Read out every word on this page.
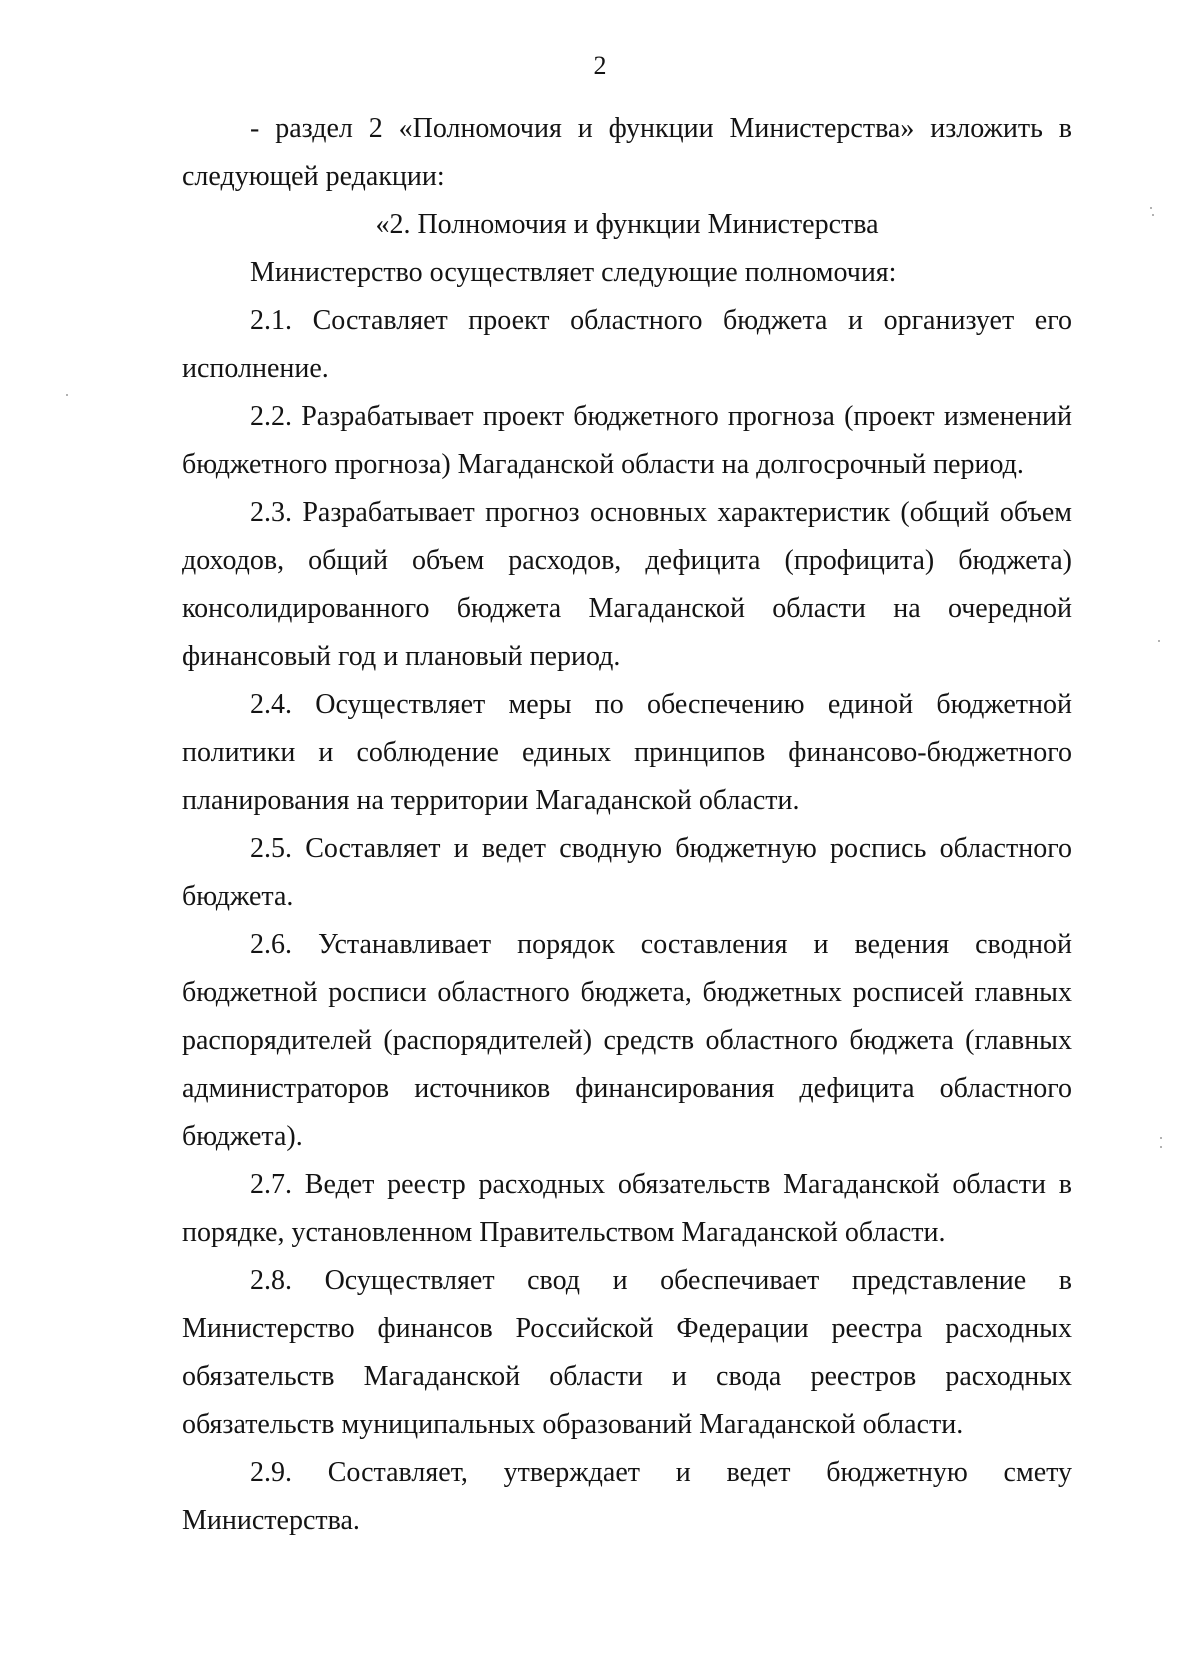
2

- раздел 2 «Полномочия и функции Министерства» изложить в следующей редакции:

«2. Полномочия и функции Министерства

Министерство осуществляет следующие полномочия:

2.1. Составляет проект областного бюджета и организует его исполнение.

2.2. Разрабатывает проект бюджетного прогноза (проект изменений бюджетного прогноза) Магаданской области на долгосрочный период.

2.3. Разрабатывает прогноз основных характеристик (общий объем доходов, общий объем расходов, дефицита (профицита) бюджета) консолидированного бюджета Магаданской области на очередной финансовый год и плановый период.

2.4. Осуществляет меры по обеспечению единой бюджетной политики и соблюдение единых принципов финансово-бюджетного планирования на территории Магаданской области.

2.5. Составляет и ведет сводную бюджетную роспись областного бюджета.

2.6. Устанавливает порядок составления и ведения сводной бюджетной росписи областного бюджета, бюджетных росписей главных распорядителей (распорядителей) средств областного бюджета (главных администраторов источников финансирования дефицита областного бюджета).

2.7. Ведет реестр расходных обязательств Магаданской области в порядке, установленном Правительством Магаданской области.

2.8. Осуществляет свод и обеспечивает представление в Министерство финансов Российской Федерации реестра расходных обязательств Магаданской области и свода реестров расходных обязательств муниципальных образований Магаданской области.

2.9. Составляет, утверждает и ведет бюджетную смету Министерства.
